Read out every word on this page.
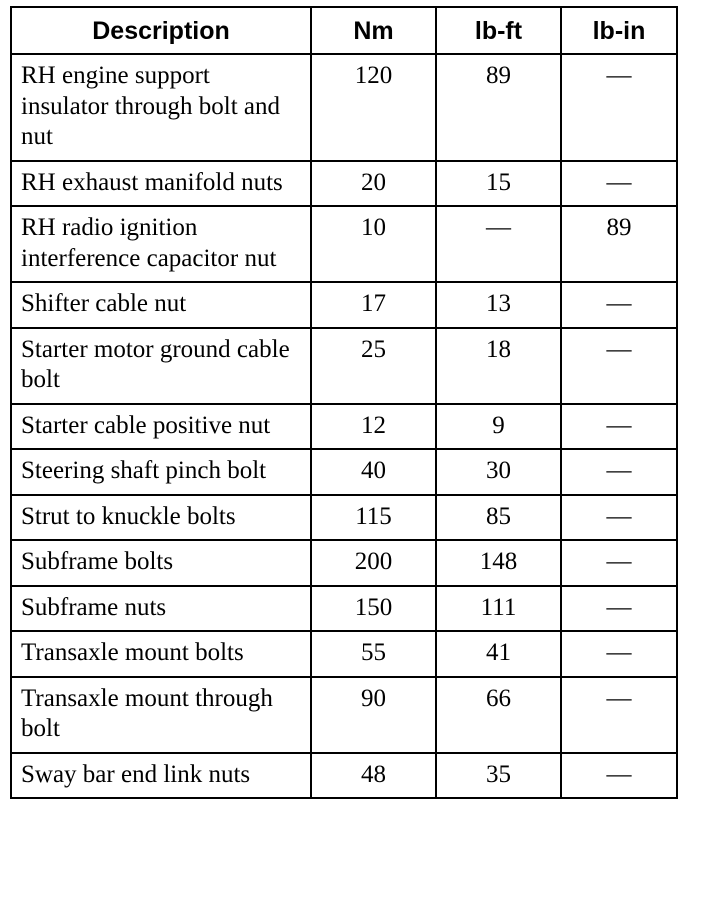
Description	Nm	lb-ft	lb-in
RH engine support insulator through bolt and nut	120	89	—
RH exhaust manifold nuts	20	15	—
RH radio ignition interference capacitor nut	10	—	89
Shifter cable nut	17	13	—
Starter motor ground cable bolt	25	18	—
Starter cable positive nut	12	9	—
Steering shaft pinch bolt	40	30	—
Strut to knuckle bolts	115	85	—
Subframe bolts	200	148	—
Subframe nuts	150	111	—
Transaxle mount bolts	55	41	—
Transaxle mount through bolt	90	66	—
Sway bar end link nuts	48	35	—
